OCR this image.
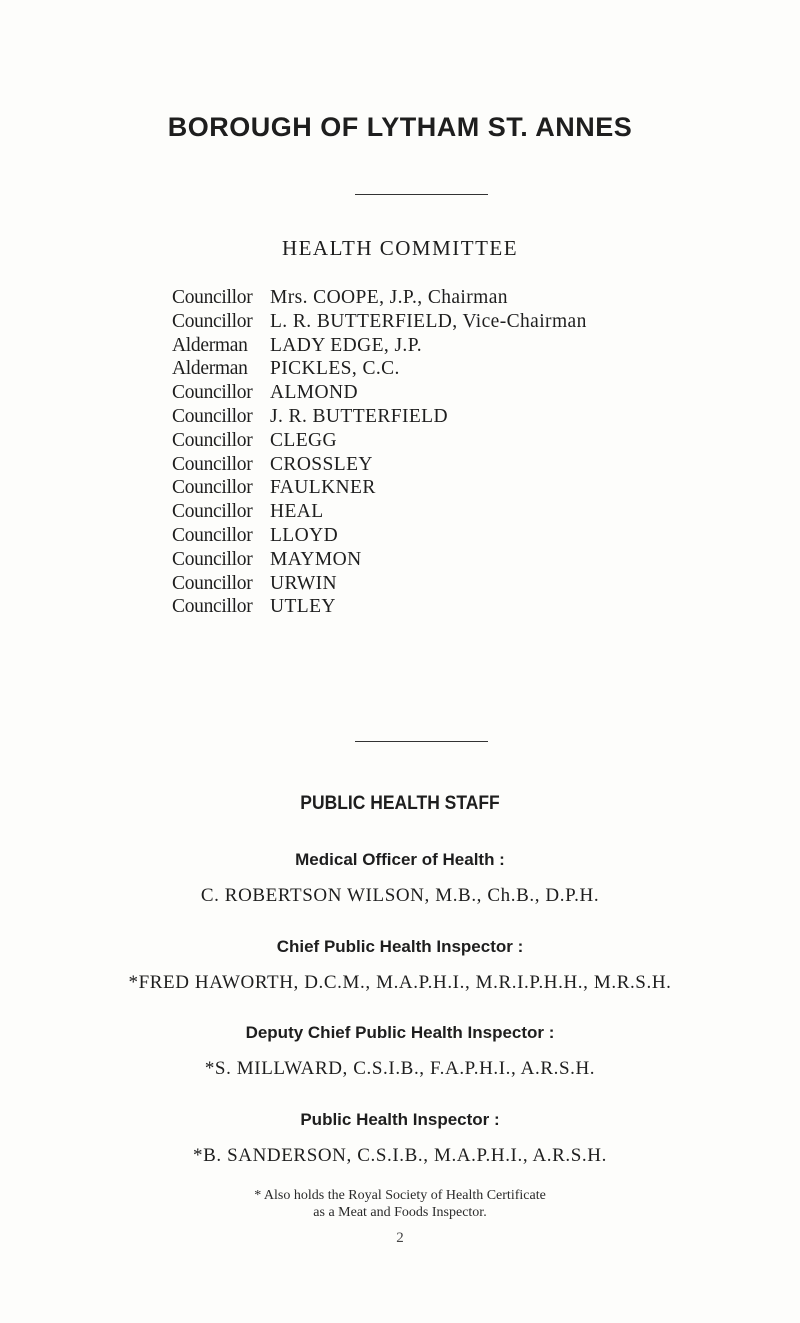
BOROUGH OF LYTHAM ST. ANNES
HEALTH COMMITTEE
Councillor Mrs. COOPE, J.P., Chairman
Councillor L. R. BUTTERFIELD, Vice-Chairman
Alderman LADY EDGE, J.P.
Alderman PICKLES, C.C.
Councillor ALMOND
Councillor J. R. BUTTERFIELD
Councillor CLEGG
Councillor CROSSLEY
Councillor FAULKNER
Councillor HEAL
Councillor LLOYD
Councillor MAYMON
Councillor URWIN
Councillor UTLEY
PUBLIC HEALTH STAFF
Medical Officer of Health :
C. ROBERTSON WILSON, M.B., Ch.B., D.P.H.
Chief Public Health Inspector :
*FRED HAWORTH, D.C.M., M.A.P.H.I., M.R.I.P.H.H., M.R.S.H.
Deputy Chief Public Health Inspector :
*S. MILLWARD, C.S.I.B., F.A.P.H.I., A.R.S.H.
Public Health Inspector :
*B. SANDERSON, C.S.I.B., M.A.P.H.I., A.R.S.H.
* Also holds the Royal Society of Health Certificate
as a Meat and Foods Inspector.
2
